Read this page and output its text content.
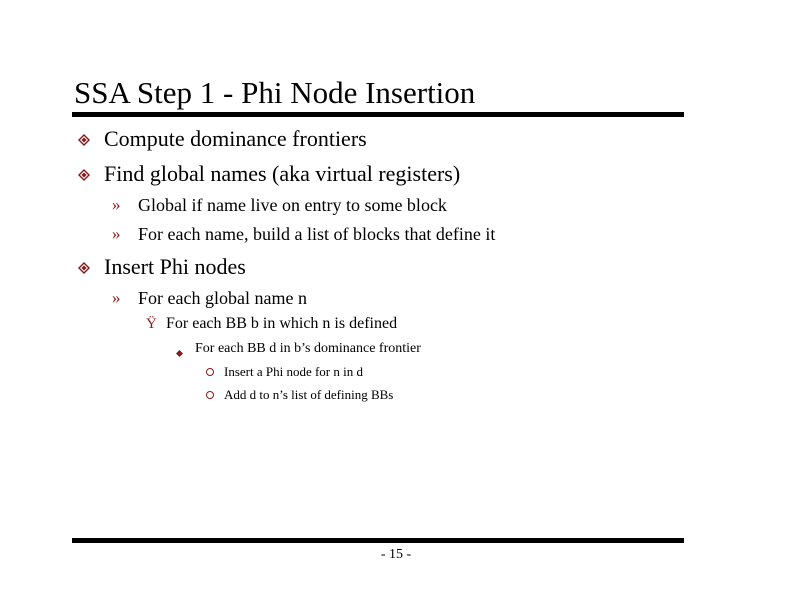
SSA Step 1 - Phi Node Insertion
Compute dominance frontiers
Find global names (aka virtual registers)
» Global if name live on entry to some block
» For each name, build a list of blocks that define it
Insert Phi nodes
» For each global name n
Ÿ For each BB b in which n is defined
For each BB d in b’s dominance frontier
Insert a Phi node for n in d
Add d to n’s list of defining BBs
- 15 -
